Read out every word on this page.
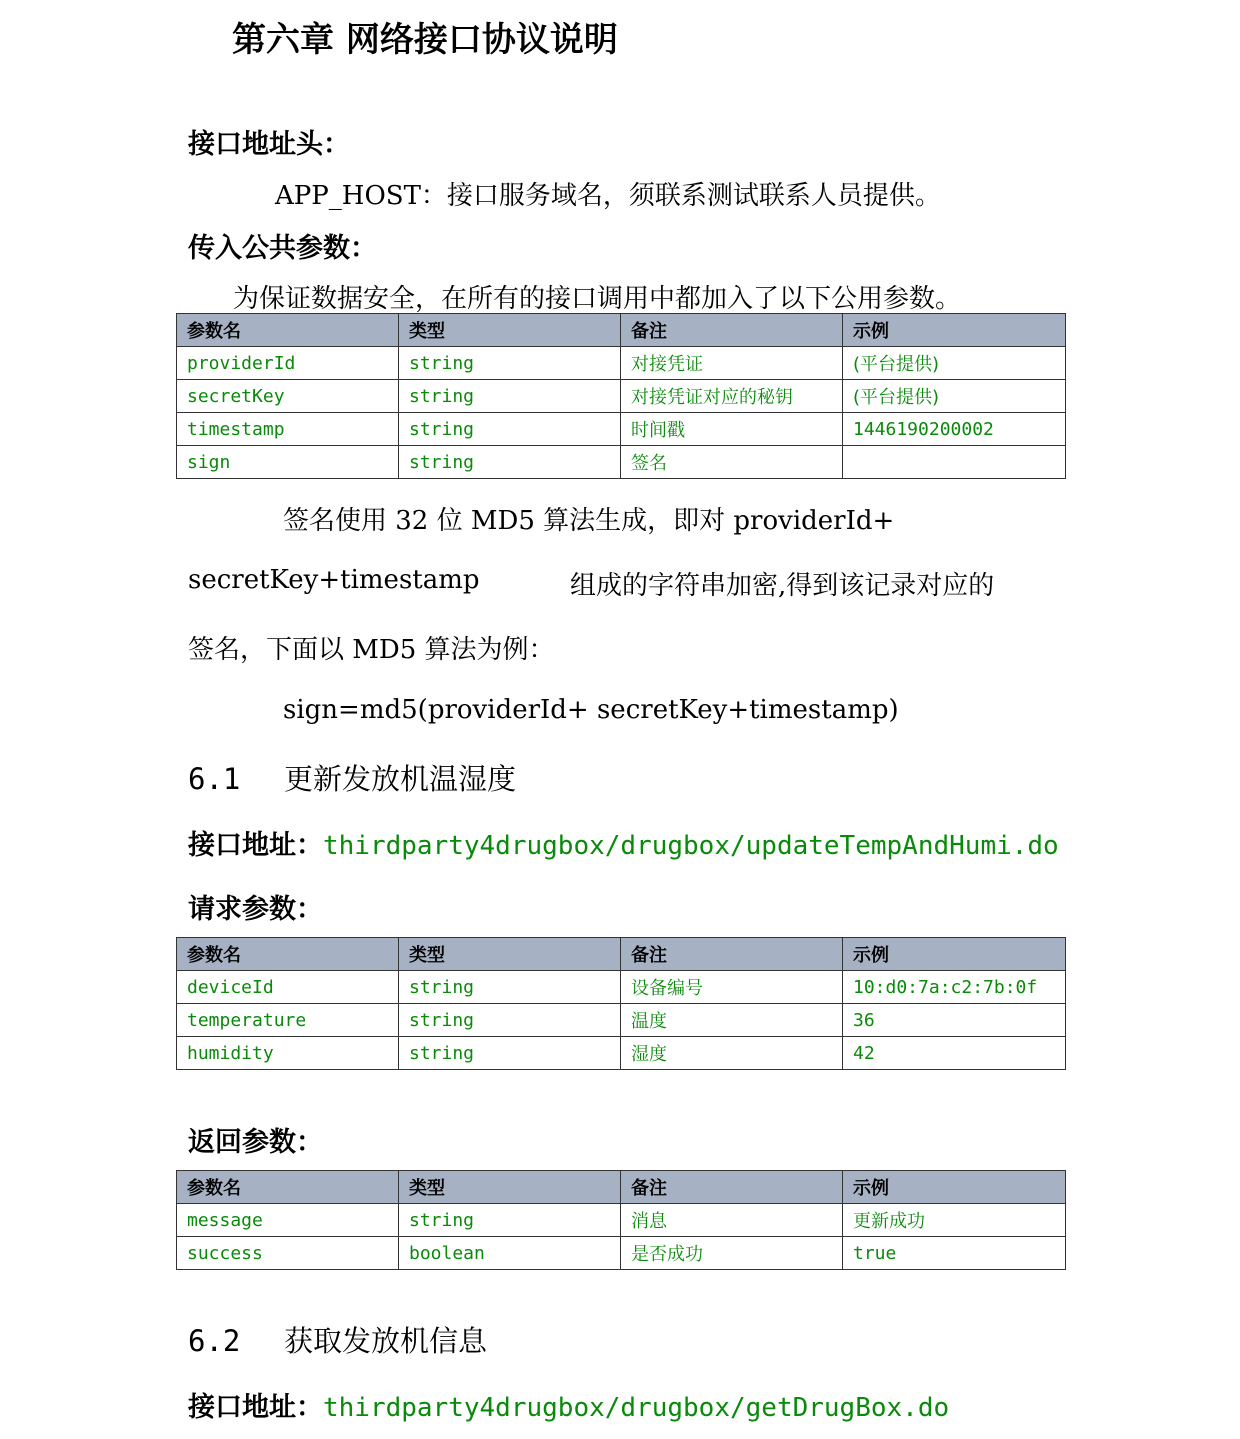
第六章 网络接口协议说明
接口地址头：
APP_HOST：接口服务域名，须联系测试联系人员提供。
传入公共参数：
为保证数据安全，在所有的接口调用中都加入了以下公用参数。
参数名	类型	备注	示例
providerId	string	对接凭证	(平台提供)
secretKey	string	对接凭证对应的秘钥	(平台提供)
timestamp	string	时间戳	1446190200002
sign	string	签名	
签名使用 32 位 MD5 算法生成，即对 providerId+
secretKey+timestamp	组成的字符串加密,得到该记录对应的
签名，下面以 MD5 算法为例：
sign=md5(providerId+ secretKey+timestamp)
6.1 更新发放机温湿度
接口地址：thirdparty4drugbox/drugbox/updateTempAndHumi.do
请求参数：
参数名	类型	备注	示例
deviceId	string	设备编号	10:d0:7a:c2:7b:0f
temperature	string	温度	36
humidity	string	湿度	42
返回参数：
参数名	类型	备注	示例
message	string	消息	更新成功
success	boolean	是否成功	true
6.2 获取发放机信息
接口地址：thirdparty4drugbox/drugbox/getDrugBox.do
